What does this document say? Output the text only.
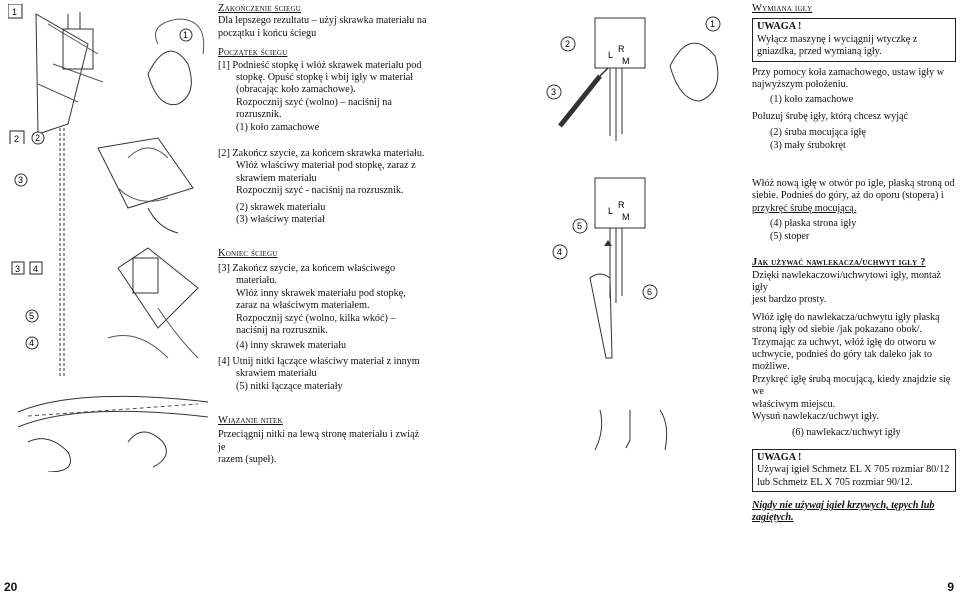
1
1
2 2
3
3 4
5
4

Zakończenie ściegu

Dla lepszego rezultatu – użyj skrawka materiału na początku i końcu ściegu

Początek ściegu

[1] Podnieść stopkę i włóż skrawek materiału pod

stopkę. Opuść stopkę i wbij igły w materiał

(obracając koło zamachowe).

Rozpocznij szyć (wolno) – naciśnij na

rozrusznik.

(1) koło zamachowe

[2] Zakończ szycie, za końcem skrawka materiału.

Włóż właściwy materiał pod stopkę, zaraz z

skrawiem materiału

Rozpocznij szyć - naciśnij na rozrusznik.

(2) skrawek materiału

(3) właściwy materiał

Koniec ściegu

[3] Zakończ szycie, za końcem właściwego

materiału.

Włóż inny skrawek materiału pod stopkę,

zaraz na właściwym materiałem.

Rozpocznij szyć (wolno, kilka wkóć) –

naciśnij na rozrusznik.

(4) inny skrawek materiału

[4] Utnij nitki łączące właściwy materiał z innym

skrawiem materiału

(5) nitki łączące materiały

Wiązanie nitek

Przeciągnij nitki na lewą stronę materiału i zwiąż je

razem (supeł).

20
2
3
R
L
M
1
R
L
M
5
4
6

Wymiana igły

UWAGA !

Wyłącz maszynę i wyciągnij wtyczkę z gniazdka, przed wymianą igły.

Przy pomocy koła zamachowego, ustaw igły w

najwyższym położeniu.

(1) koło zamachowe

Poluzuj śrubę igły, którą chcesz wyjąć

(2) śruba mocująca igłę

(3) mały śrubokręt

Włóż nową igłę w otwór po igle, płaską stroną od

siebie. Podnieś do góry, aż do oporu (stopera) i

przykręć śrubę mocującą.

(4) płaska strona igły

(5) stoper

Jak używać nawlekacza/uchwyt igły ?

Dzięki nawlekaczowi/uchwytowi igły, montaż igły

jest bardzo prosty.

Włóż igłę do nawlekacza/uchwytu igły płaską

stroną igły od siebie /jak pokazano obok/.

Trzymając za uchwyt, włóż igłę do otworu w

uchwycie, podnieś do góry tak daleko jak to

możliwe.

Przykręć igłę śrubą mocującą, kiedy znajdzie się we

właściwym miejscu.

Wysuń nawlekacz/uchwyt igły.

(6) nawlekacz/uchwyt igły

UWAGA !

Używaj igieł Schmetz EL X 705 rozmiar 80/12

lub Schmetz EL X 705 rozmiar 90/12.

Nigdy nie używaj igieł krzywych, tępych lub zagiętych.

9
